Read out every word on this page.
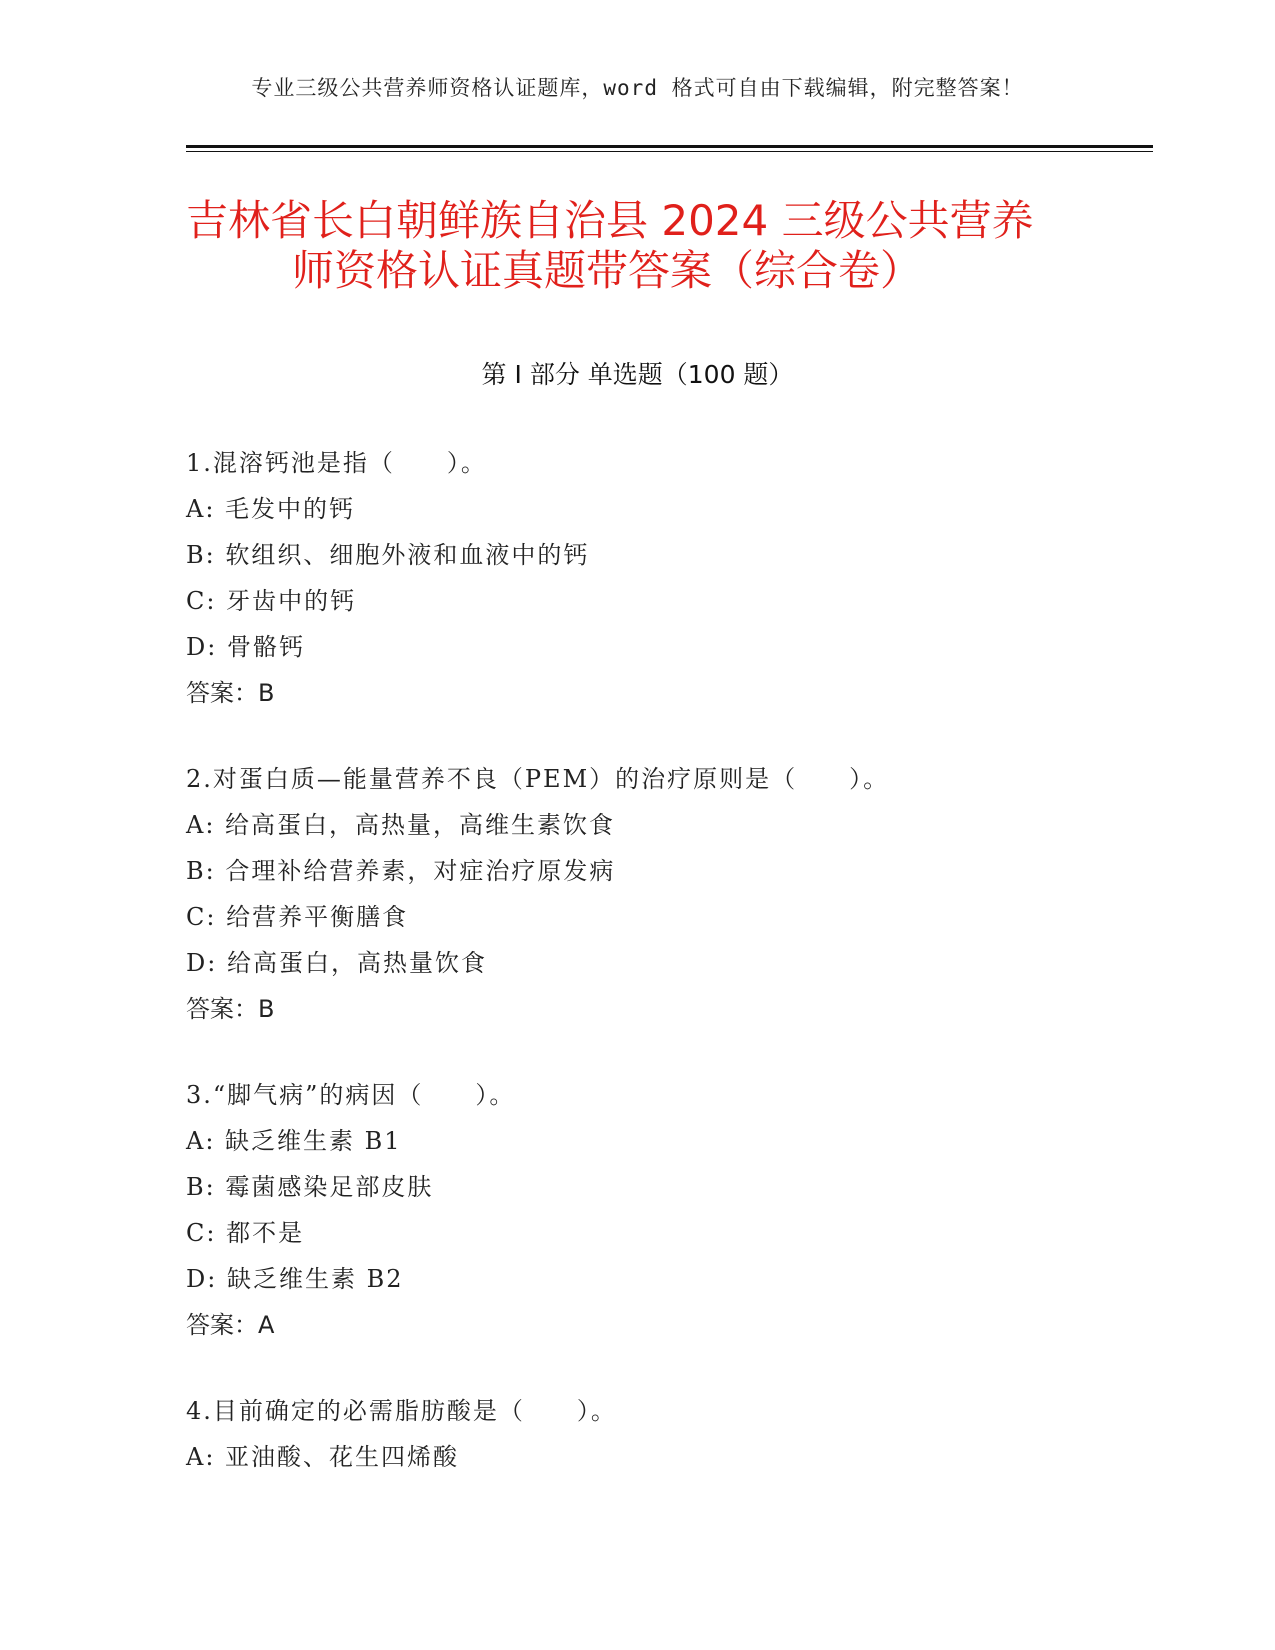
专业三级公共营养师资格认证题库，word 格式可自由下载编辑，附完整答案！
吉林省长白朝鲜族自治县 2024 三级公共营养
师资格认证真题带答案（综合卷）
第 I 部分 单选题（100 题）
1.混溶钙池是指（　　）。
A: 毛发中的钙
B: 软组织、细胞外液和血液中的钙
C: 牙齿中的钙
D: 骨骼钙
答案：B
2.对蛋白质—能量营养不良（PEM）的治疗原则是（　　）。
A: 给高蛋白，高热量，高维生素饮食
B: 合理补给营养素，对症治疗原发病
C: 给营养平衡膳食
D: 给高蛋白，高热量饮食
答案：B
3.“脚气病”的病因（　　）。
A: 缺乏维生素 B1
B: 霉菌感染足部皮肤
C: 都不是
D: 缺乏维生素 B2
答案：A
4.目前确定的必需脂肪酸是（　　）。
A: 亚油酸、花生四烯酸
